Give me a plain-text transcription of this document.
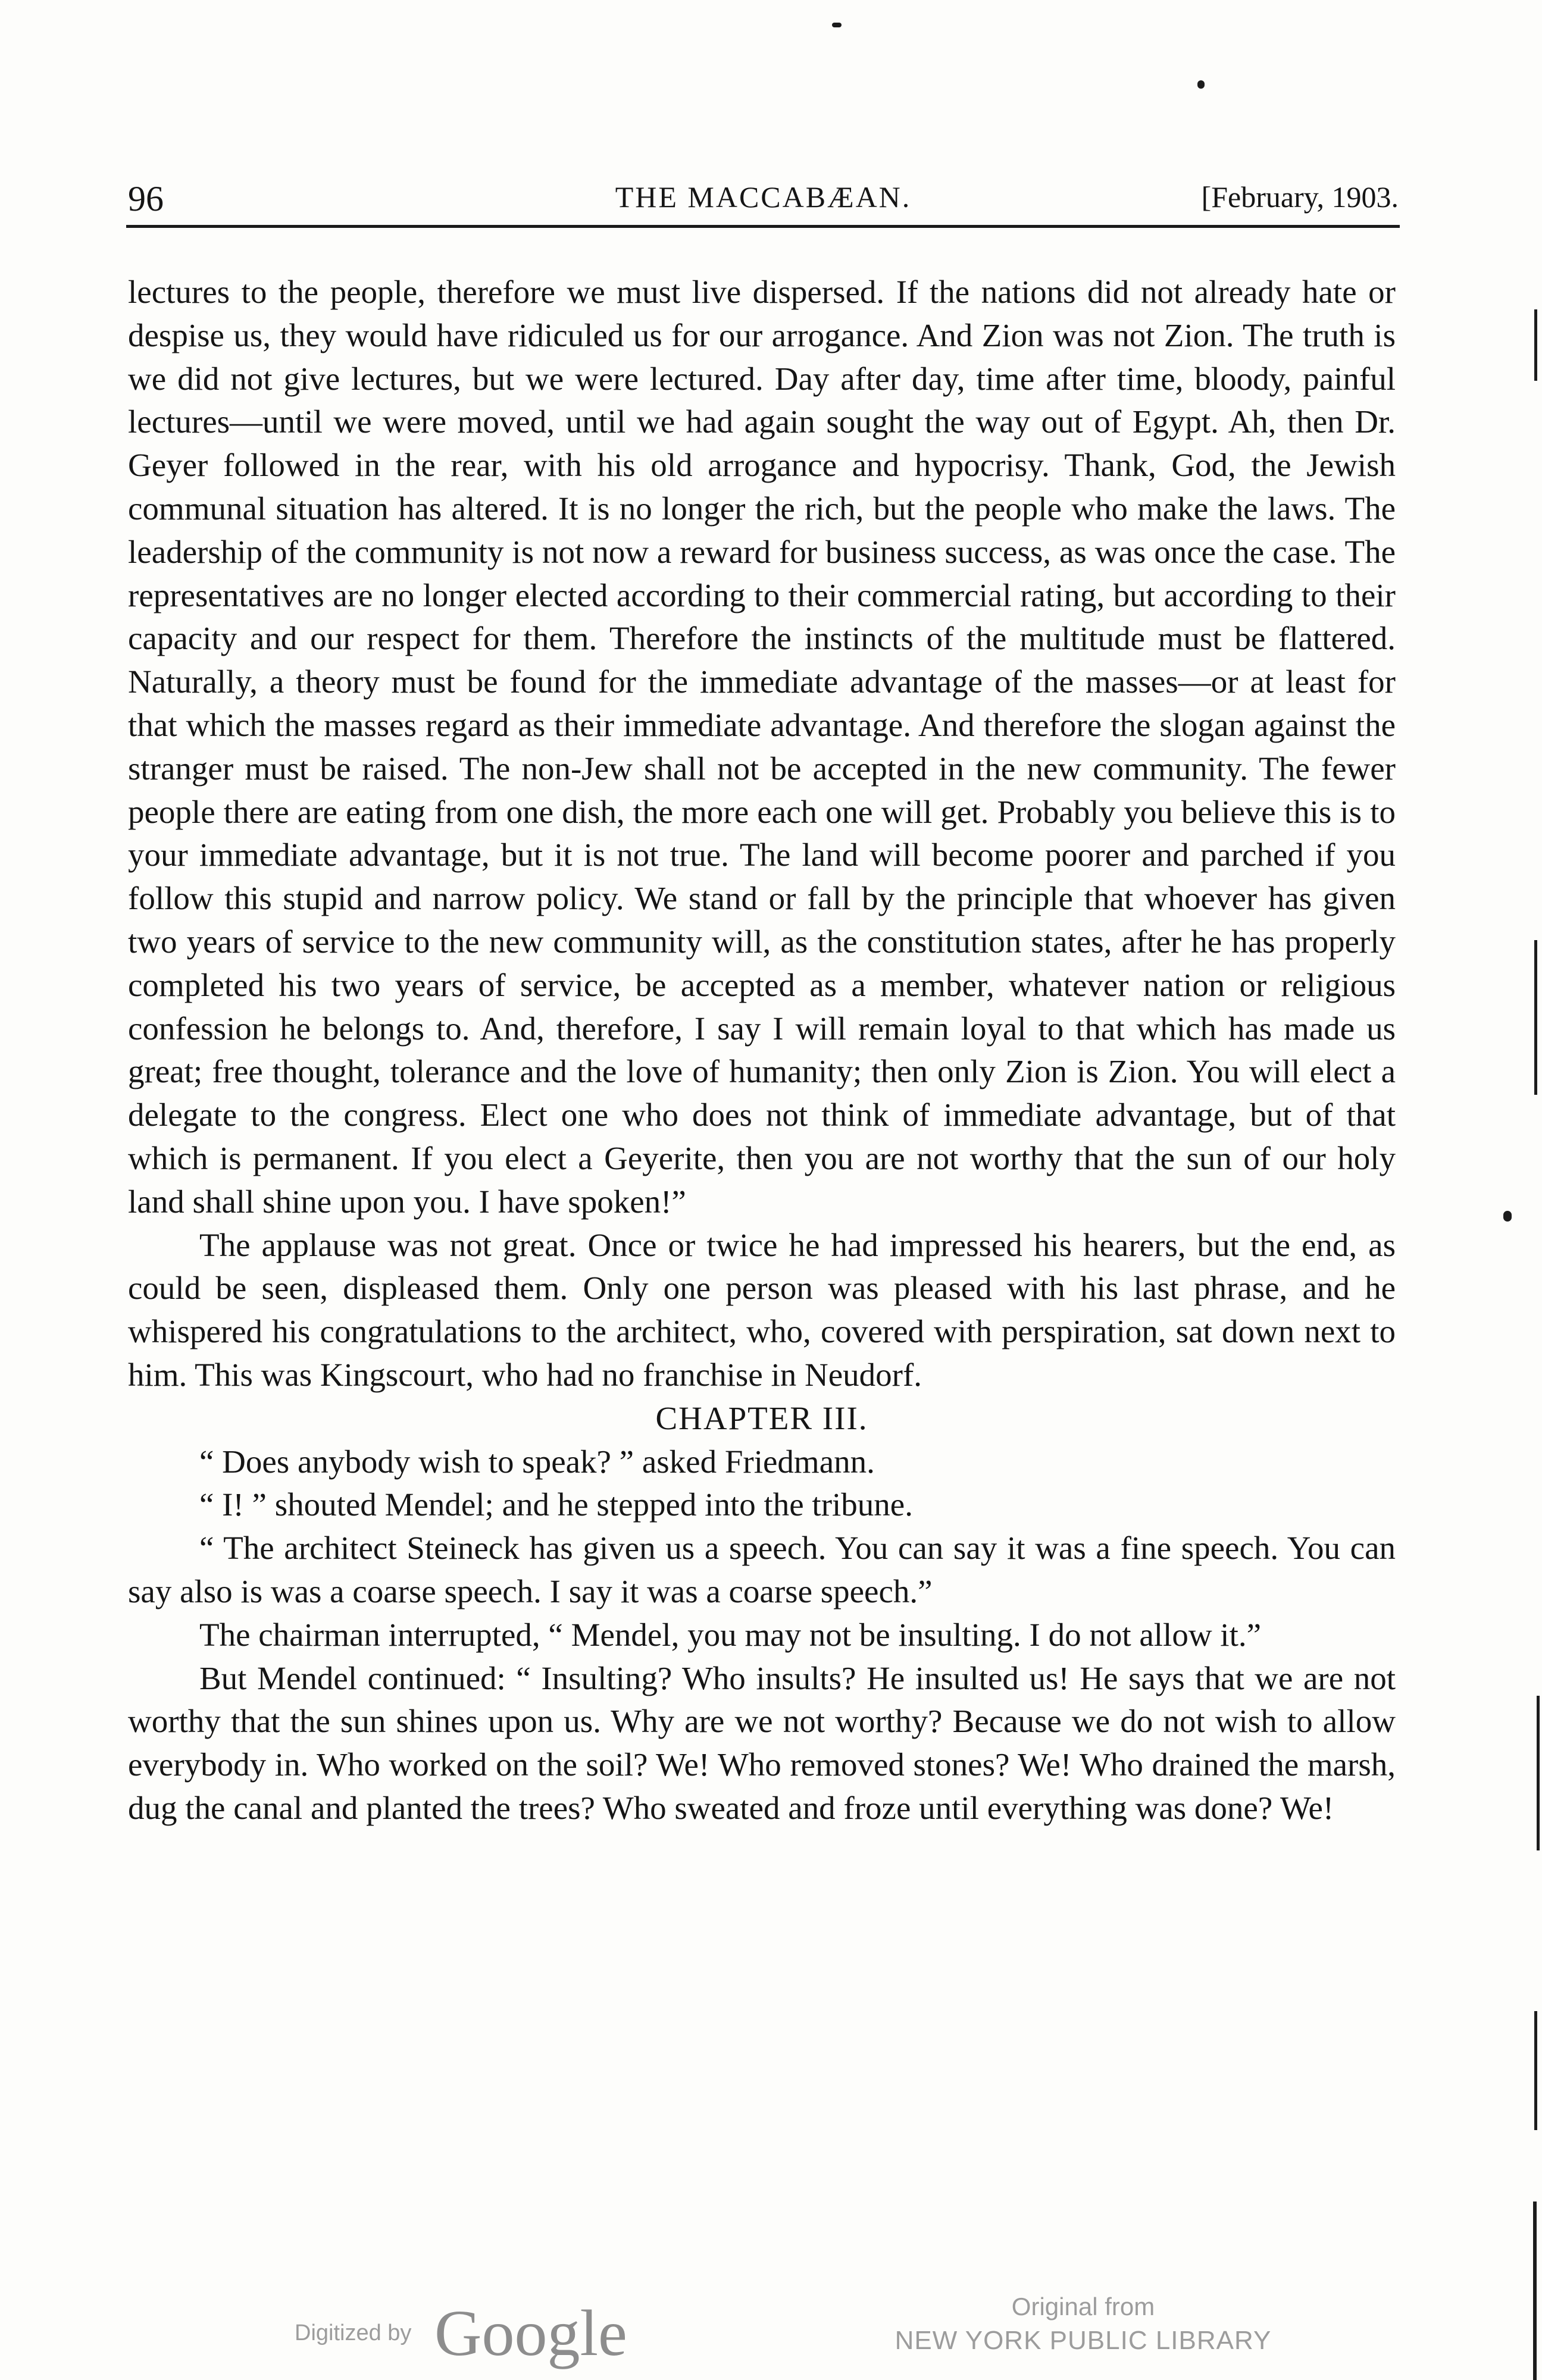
96	THE MACCABÆAN.	[February, 1903.

lectures to the people, therefore we must live dispersed. If the nations did not already hate or despise us, they would have ridiculed us for our arrogance. And Zion was not Zion. The truth is we did not give lectures, but we were lectured. Day after day, time after time, bloody, painful lectures—until we were moved, until we had again sought the way out of Egypt. Ah, then Dr. Geyer followed in the rear, with his old arrogance and hypocrisy. Thank, God, the Jewish communal situation has altered. It is no longer the rich, but the people who make the laws. The leadership of the community is not now a reward for business success, as was once the case. The representatives are no longer elected according to their commercial rating, but according to their capacity and our respect for them. Therefore the instincts of the multitude must be flattered. Naturally, a theory must be found for the immediate advantage of the masses—or at least for that which the masses regard as their immediate advantage. And therefore the slogan against the stranger must be raised. The non-Jew shall not be accepted in the new community. The fewer people there are eating from one dish, the more each one will get. Probably you believe this is to your immediate advantage, but it is not true. The land will become poorer and parched if you follow this stupid and narrow policy. We stand or fall by the principle that whoever has given two years of service to the new community will, as the constitution states, after he has properly completed his two years of service, be accepted as a member, whatever nation or religious confession he belongs to. And, therefore, I say I will remain loyal to that which has made us great; free thought, tolerance and the love of humanity; then only Zion is Zion. You will elect a delegate to the congress. Elect one who does not think of immediate advantage, but of that which is permanent. If you elect a Geyerite, then you are not worthy that the sun of our holy land shall shine upon you. I have spoken!”

The applause was not great. Once or twice he had impressed his hearers, but the end, as could be seen, displeased them. Only one person was pleased with his last phrase, and he whispered his congratulations to the architect, who, covered with perspiration, sat down next to him. This was Kingscourt, who had no franchise in Neudorf.

CHAPTER III.

“ Does anybody wish to speak? ” asked Friedmann.

“ I! ” shouted Mendel; and he stepped into the tribune.

“ The architect Steineck has given us a speech. You can say it was a fine speech. You can say also is was a coarse speech. I say it was a coarse speech.”

The chairman interrupted, “ Mendel, you may not be insulting. I do not allow it.”

But Mendel continued: “ Insulting? Who insults? He insulted us! He says that we are not worthy that the sun shines upon us. Why are we not worthy? Because we do not wish to allow everybody in. Who worked on the soil? We! Who removed stones? We! Who drained the marsh, dug the canal and planted the trees? Who sweated and froze until everything was done? We!

Digitized by Google	Original from
NEW YORK PUBLIC LIBRARY
